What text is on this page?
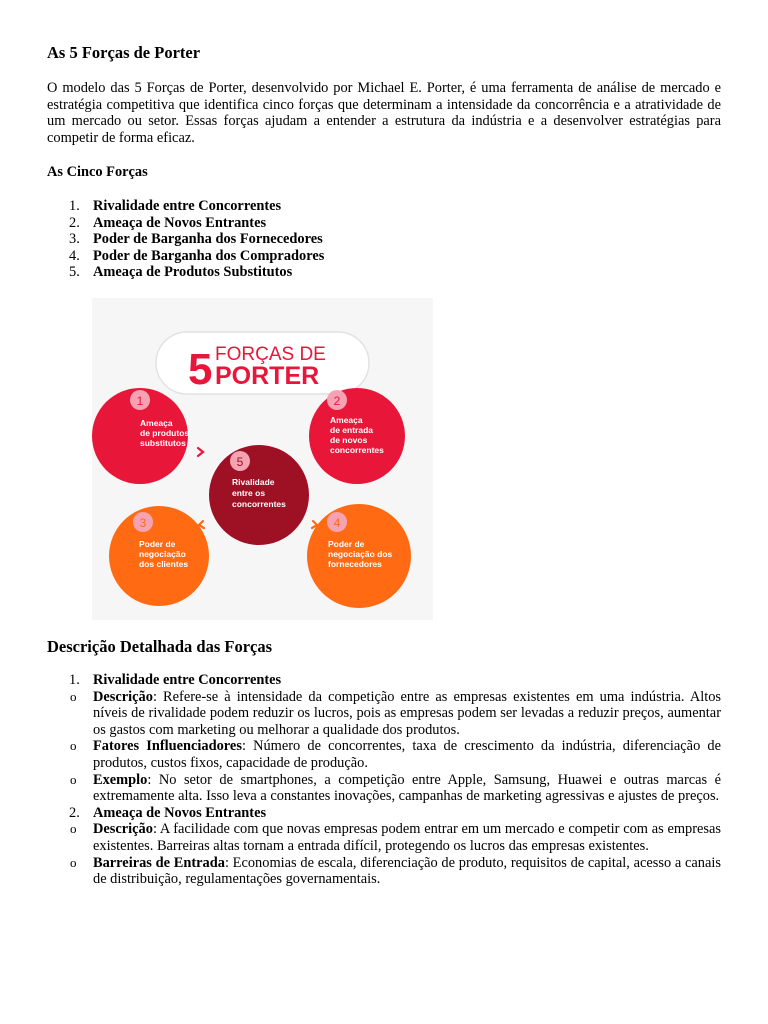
As 5 Forças de Porter

O modelo das 5 Forças de Porter, desenvolvido por Michael E. Porter, é uma ferramenta de análise de mercado e estratégia competitiva que identifica cinco forças que determinam a intensidade da concorrência e a atratividade de um mercado ou setor. Essas forças ajudam a entender a estrutura da indústria e a desenvolver estratégias para competir de forma eficaz.

As Cinco Forças
1. Rivalidade entre Concorrentes
2. Ameaça de Novos Entrantes
3. Poder de Barganha dos Fornecedores
4. Poder de Barganha dos Compradores
5. Ameaça de Produtos Substitutos
5 FORÇAS DE
PORTER
1
Ameaça de produtos substitutos
2
Ameaça de entrada de novos concorrentes
5
Rivalidade entre os concorrentes
3
Poder de negociação dos clientes
4
Poder de negociação dos fornecedores
Descrição Detalhada das Forças
1. Rivalidade entre Concorrentes
o Descrição: Refere-se à intensidade da competição entre as empresas existentes em uma indústria. Altos níveis de rivalidade podem reduzir os lucros, pois as empresas podem ser levadas a reduzir preços, aumentar os gastos com marketing ou melhorar a qualidade dos produtos.
o Fatores Influenciadores: Número de concorrentes, taxa de crescimento da indústria, diferenciação de produtos, custos fixos, capacidade de produção.
o Exemplo: No setor de smartphones, a competição entre Apple, Samsung, Huawei e outras marcas é extremamente alta. Isso leva a constantes inovações, campanhas de marketing agressivas e ajustes de preços.
2. Ameaça de Novos Entrantes
o Descrição: A facilidade com que novas empresas podem entrar em um mercado e competir com as empresas existentes. Barreiras altas tornam a entrada difícil, protegendo os lucros das empresas existentes.
o Barreiras de Entrada: Economias de escala, diferenciação de produto, requisitos de capital, acesso a canais de distribuição, regulamentações governamentais.
